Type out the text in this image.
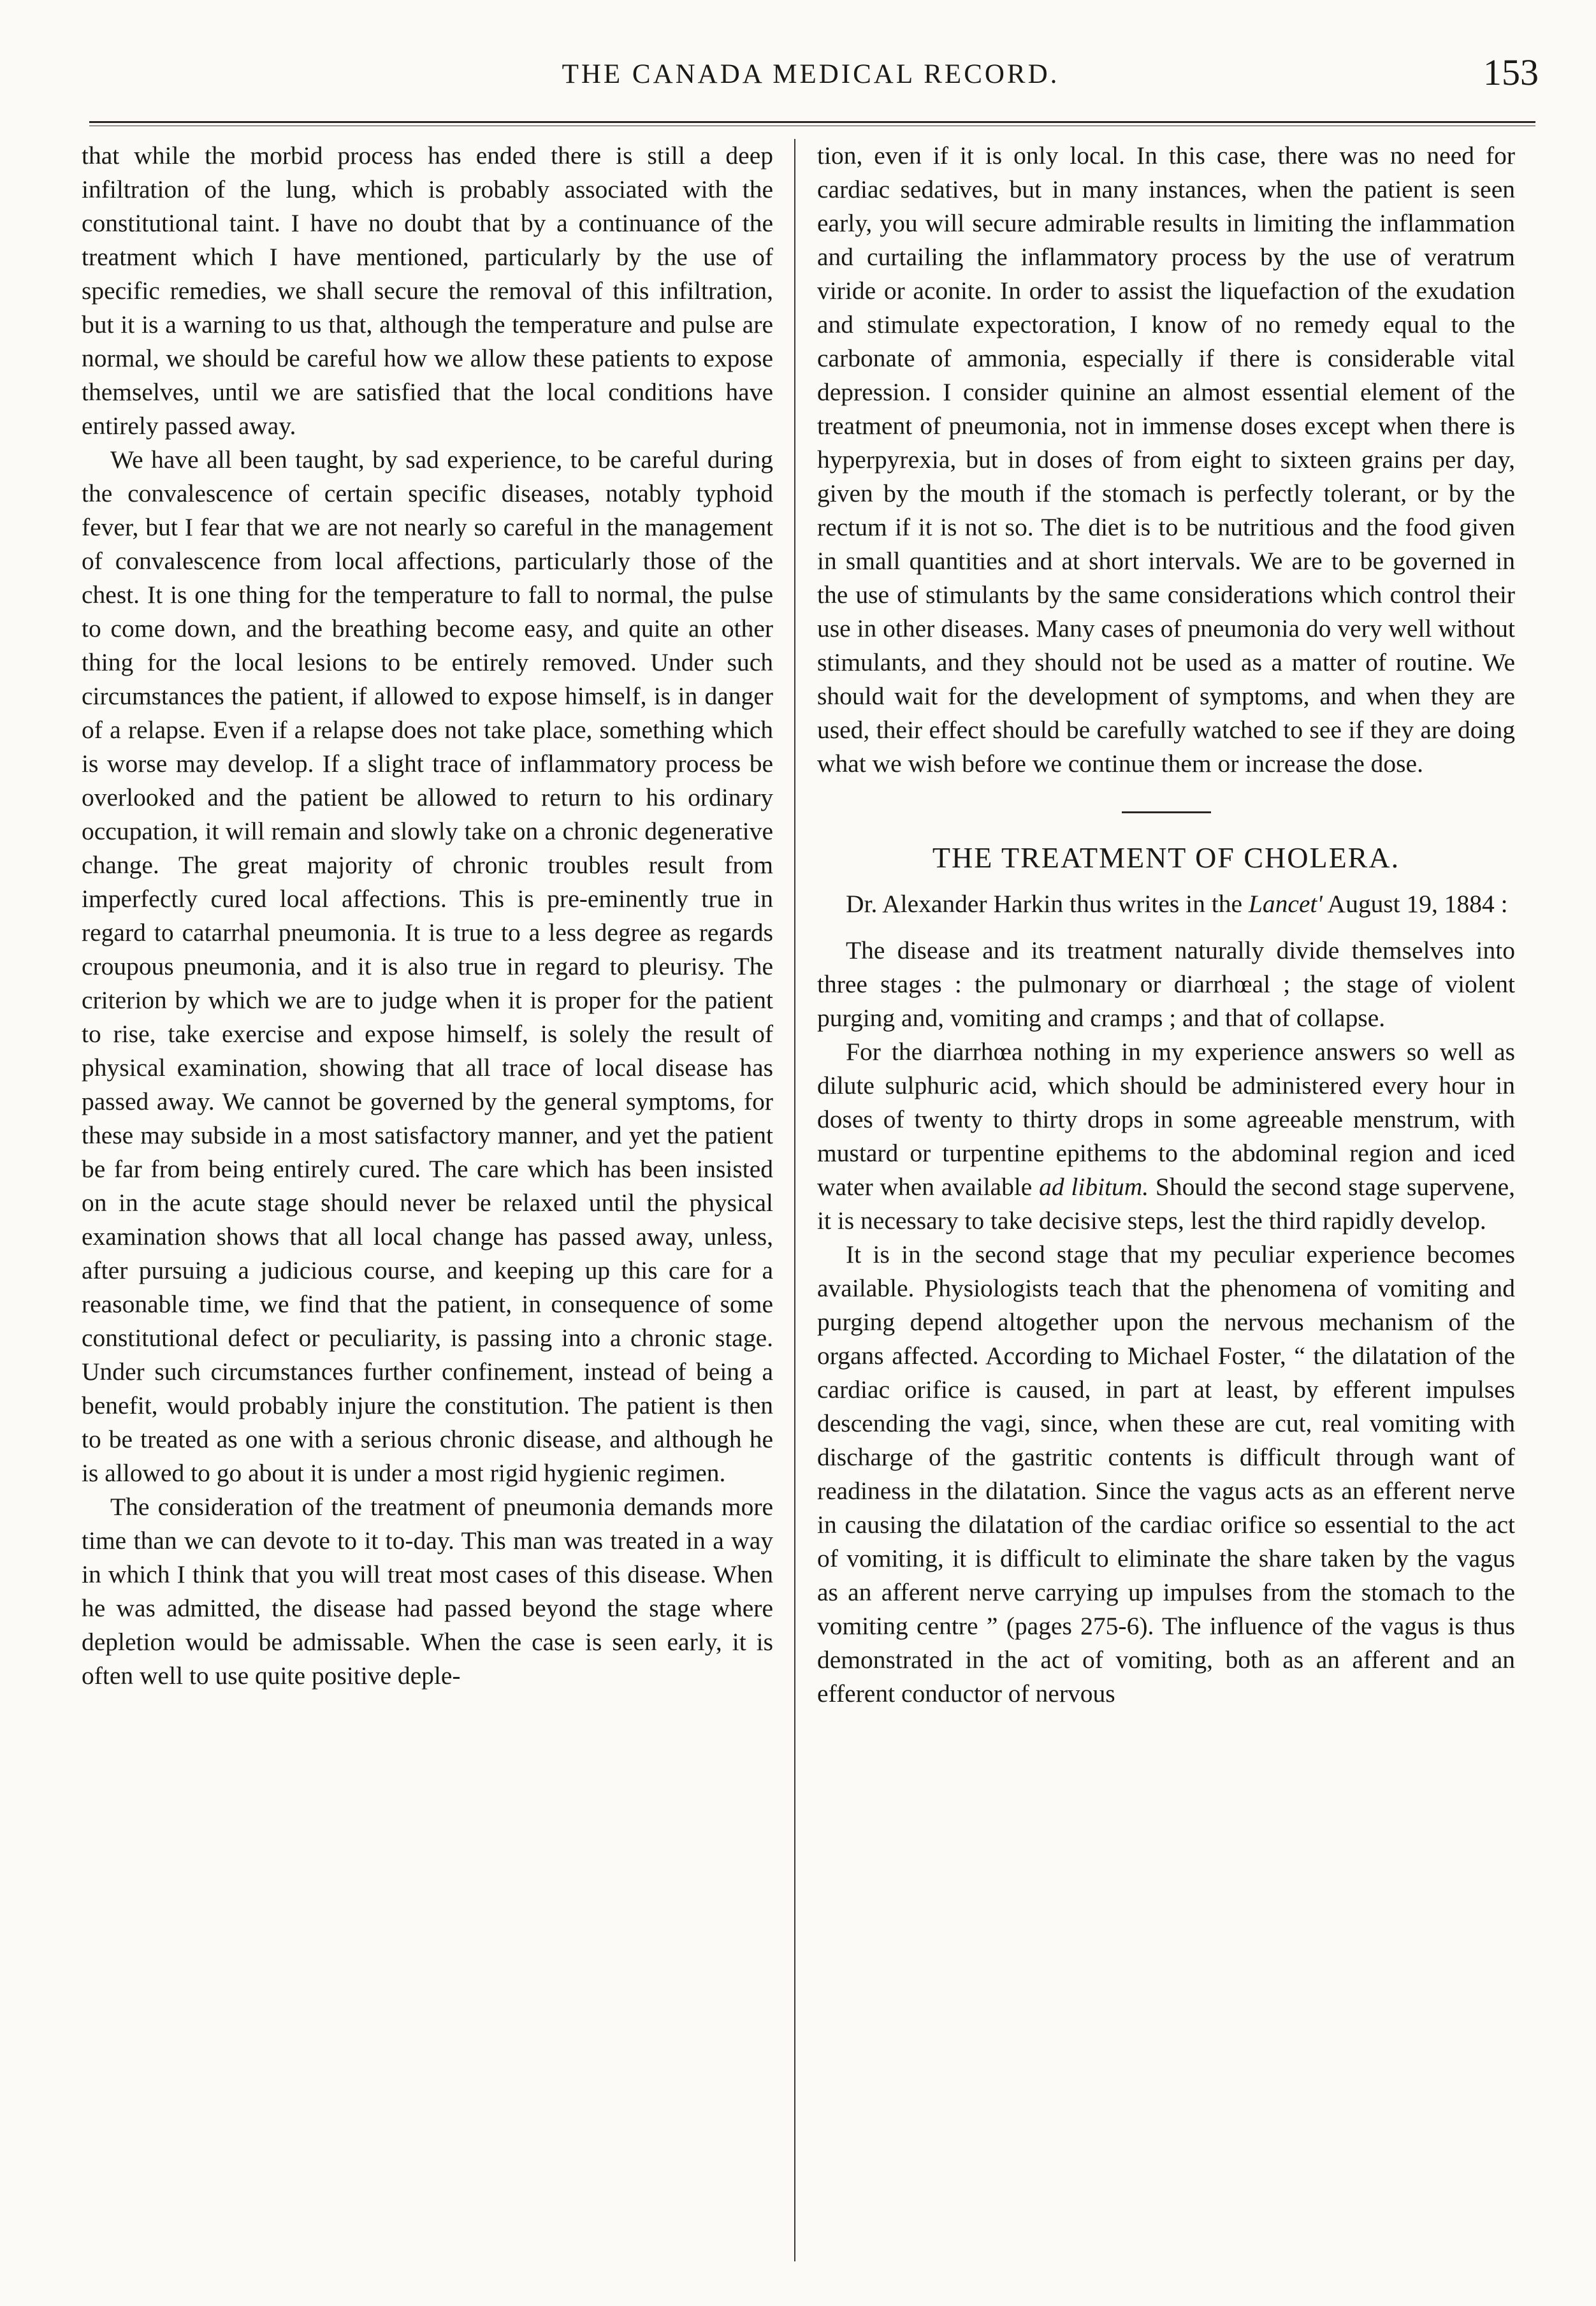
THE CANADA MEDICAL RECORD.	153

that while the morbid process has ended there is still a deep infiltration of the lung, which is probably associated with the constitutional taint. I have no doubt that by a continuance of the treatment which I have mentioned, particularly by the use of specific remedies, we shall secure the removal of this infiltration, but it is a warning to us that, although the temperature and pulse are normal, we should be careful how we allow these patients to expose themselves, until we are satisfied that the local conditions have entirely passed away.

We have all been taught, by sad experience, to be careful during the convalescence of certain specific diseases, notably typhoid fever, but I fear that we are not nearly so careful in the management of convalescence from local affections, particularly those of the chest. It is one thing for the temperature to fall to normal, the pulse to come down, and the breathing become easy, and quite an other thing for the local lesions to be entirely removed. Under such circumstances the patient, if allowed to expose himself, is in danger of a relapse. Even if a relapse does not take place, something which is worse may develop. If a slight trace of inflammatory process be overlooked and the patient be allowed to return to his ordinary occupation, it will remain and slowly take on a chronic degenerative change. The great majority of chronic troubles result from imperfectly cured local affections. This is pre-eminently true in regard to catarrhal pneumonia. It is true to a less degree as regards croupous pneumonia, and it is also true in regard to pleurisy. The criterion by which we are to judge when it is proper for the patient to rise, take exercise and expose himself, is solely the result of physical examination, showing that all trace of local disease has passed away. We cannot be governed by the general symptoms, for these may subside in a most satisfactory manner, and yet the patient be far from being entirely cured. The care which has been insisted on in the acute stage should never be relaxed until the physical examination shows that all local change has passed away, unless, after pursuing a judicious course, and keeping up this care for a reasonable time, we find that the patient, in consequence of some constitutional defect or peculiarity, is passing into a chronic stage. Under such circumstances further confinement, instead of being a benefit, would probably injure the constitution. The patient is then to be treated as one with a serious chronic disease, and although he is allowed to go about it is under a most rigid hygienic regimen.

The consideration of the treatment of pneumonia demands more time than we can devote to it to-day. This man was treated in a way in which I think that you will treat most cases of this disease. When he was admitted, the disease had passed beyond the stage where depletion would be admissable. When the case is seen early, it is often well to use quite positive deple-

tion, even if it is only local. In this case, there was no need for cardiac sedatives, but in many instances, when the patient is seen early, you will secure admirable results in limiting the inflammation and curtailing the inflammatory process by the use of veratrum viride or aconite. In order to assist the liquefaction of the exudation and stimulate expectoration, I know of no remedy equal to the carbonate of ammonia, especially if there is considerable vital depression. I consider quinine an almost essential element of the treatment of pneumonia, not in immense doses except when there is hyperpyrexia, but in doses of from eight to sixteen grains per day, given by the mouth if the stomach is perfectly tolerant, or by the rectum if it is not so. The diet is to be nutritious and the food given in small quantities and at short intervals. We are to be governed in the use of stimulants by the same considerations which control their use in other diseases. Many cases of pneumonia do very well without stimulants, and they should not be used as a matter of routine. We should wait for the development of symptoms, and when they are used, their effect should be carefully watched to see if they are doing what we wish before we continue them or increase the dose.

THE TREATMENT OF CHOLERA.

Dr. Alexander Harkin thus writes in the Lancet' August 19, 1884 :

The disease and its treatment naturally divide themselves into three stages : the pulmonary or diarrhœal ; the stage of violent purging and, vomiting and cramps ; and that of collapse.

For the diarrhœa nothing in my experience answers so well as dilute sulphuric acid, which should be administered every hour in doses of twenty to thirty drops in some agreeable menstrum, with mustard or turpentine epithems to the abdominal region and iced water when available ad libitum. Should the second stage supervene, it is necessary to take decisive steps, lest the third rapidly develop.

It is in the second stage that my peculiar experience becomes available. Physiologists teach that the phenomena of vomiting and purging depend altogether upon the nervous mechanism of the organs affected. According to Michael Foster, “ the dilatation of the cardiac orifice is caused, in part at least, by efferent impulses descending the vagi, since, when these are cut, real vomiting with discharge of the gastritic contents is difficult through want of readiness in the dilatation. Since the vagus acts as an efferent nerve in causing the dilatation of the cardiac orifice so essential to the act of vomiting, it is difficult to eliminate the share taken by the vagus as an afferent nerve carrying up impulses from the stomach to the vomiting centre ” (pages 275-6). The influence of the vagus is thus demonstrated in the act of vomiting, both as an afferent and an efferent conductor of nervous
